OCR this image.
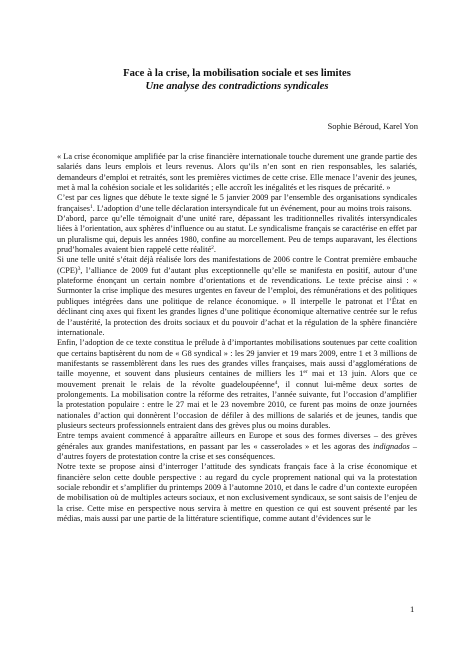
Face à la crise, la mobilisation sociale et ses limites

Une analyse des contradictions syndicales

Sophie Béroud, Karel Yon

« La crise économique amplifiée par la crise financière internationale touche durement une grande partie des salariés dans leurs emplois et leurs revenus. Alors qu’ils n’en sont en rien responsables, les salariés, demandeurs d’emploi et retraités, sont les premières victimes de cette crise. Elle menace l’avenir des jeunes, met à mal la cohésion sociale et les solidarités ; elle accroît les inégalités et les risques de précarité. »

C’est par ces lignes que débute le texte signé le 5 janvier 2009 par l’ensemble des organisations syndicales françaises$^1$. L’adoption d’une telle déclaration intersyndicale fut un événement, pour au moins trois raisons.

D’abord, parce qu’elle témoignait d’une unité rare, dépassant les traditionnelles rivalités intersyndicales liées à l’orientation, aux sphères d’influence ou au statut. Le syndicalisme français se caractérise en effet par un pluralisme qui, depuis les années 1980, confine au morcellement. Peu de temps auparavant, les élections prud’homales avaient bien rappelé cette réalité$^2$.

Si une telle unité s’était déjà réalisée lors des manifestations de 2006 contre le Contrat première embauche (CPE)$^3$, l’alliance de 2009 fut d’autant plus exceptionnelle qu’elle se manifesta en positif, autour d’une plateforme énonçant un certain nombre d’orientations et de revendications. Le texte précise ainsi : « Surmonter la crise implique des mesures urgentes en faveur de l’emploi, des rémunérations et des politiques publiques intégrées dans une politique de relance économique. » Il interpelle le patronat et l’État en déclinant cinq axes qui fixent les grandes lignes d’une politique économique alternative centrée sur le refus de l’austérité, la protection des droits sociaux et du pouvoir d’achat et la régulation de la sphère financière internationale.

Enfin, l’adoption de ce texte constitua le prélude à d’importantes mobilisations soutenues par cette coalition que certains baptisèrent du nom de « G8 syndical » : les 29 janvier et 19 mars 2009, entre 1 et 3 millions de manifestants se rassemblèrent dans les rues des grandes villes françaises, mais aussi d’agglomérations de taille moyenne, et souvent dans plusieurs centaines de milliers les 1er mai et 13 juin. Alors que ce mouvement prenait le relais de la révolte guadeloupéenne$^4$, il connut lui-même deux sortes de prolongements. La mobilisation contre la réforme des retraites, l’année suivante, fut l’occasion d’amplifier la protestation populaire : entre le 27 mai et le 23 novembre 2010, ce furent pas moins de onze journées nationales d’action qui donnèrent l’occasion de défiler à des millions de salariés et de jeunes, tandis que plusieurs secteurs professionnels entraient dans des grèves plus ou moins durables.

Entre temps avaient commencé à apparaître ailleurs en Europe et sous des formes diverses – des grèves générales aux grandes manifestations, en passant par les « casserolades » et les agoras des indignados – d’autres foyers de protestation contre la crise et ses conséquences.

Notre texte se propose ainsi d’interroger l’attitude des syndicats français face à la crise économique et financière selon cette double perspective : au regard du cycle proprement national qui va la protestation sociale rebondir et s’amplifier du printemps 2009 à l’automne 2010, et dans le cadre d’un contexte européen de mobilisation où de multiples acteurs sociaux, et non exclusivement syndicaux, se sont saisis de l’enjeu de la crise. Cette mise en perspective nous servira à mettre en question ce qui est souvent présenté par les médias, mais aussi par une partie de la littérature scientifique, comme autant d’évidences sur le

1
